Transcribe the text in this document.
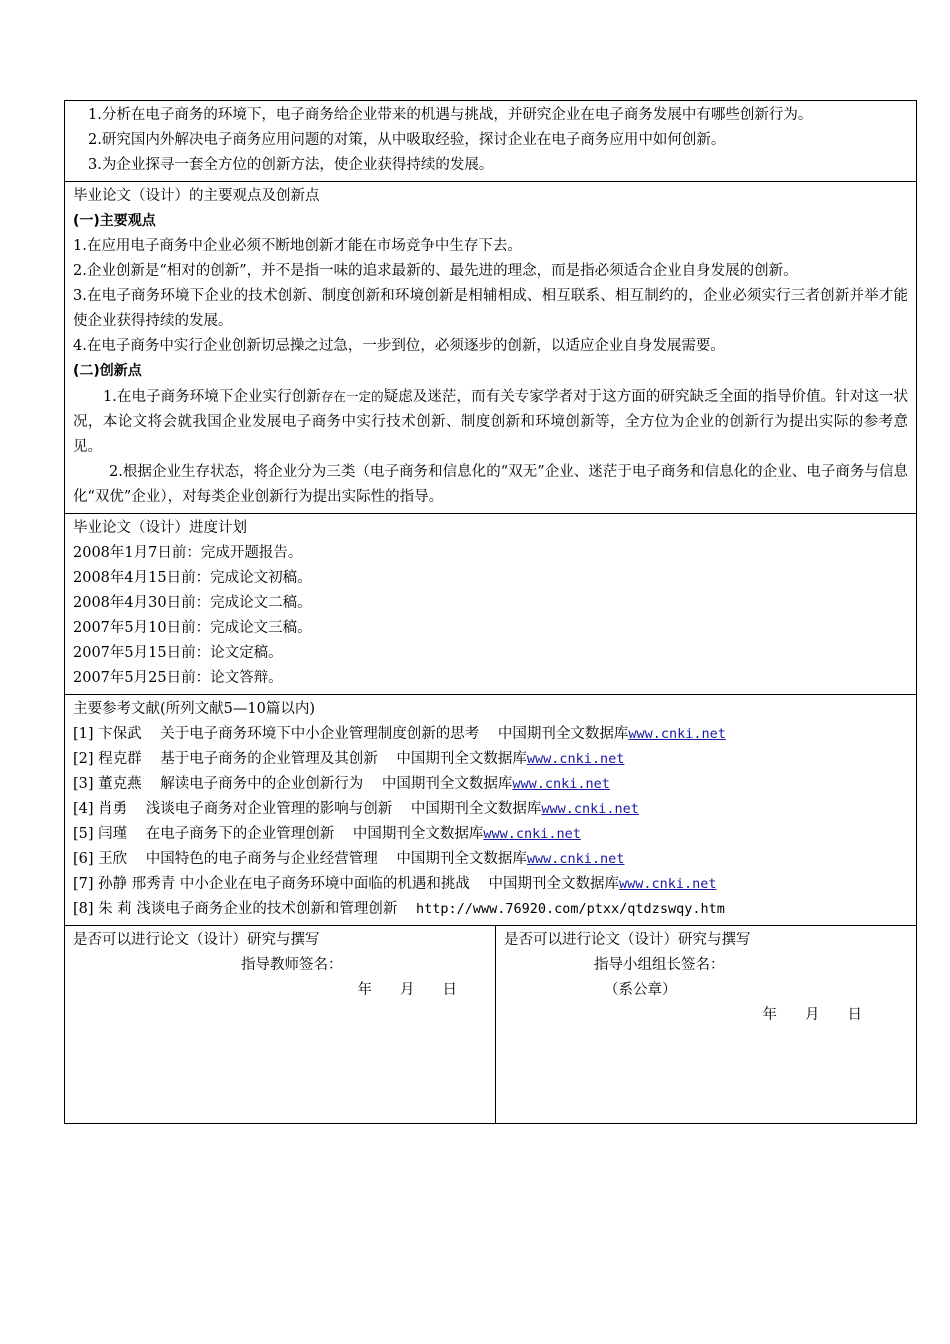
1.分析在电子商务的环境下，电子商务给企业带来的机遇与挑战，并研究企业在电子商务发展中有哪些创新行为。
2.研究国内外解决电子商务应用问题的对策，从中吸取经验，探讨企业在电子商务应用中如何创新。
3.为企业探寻一套全方位的创新方法，使企业获得持续的发展。
毕业论文（设计）的主要观点及创新点
(一)主要观点
1.在应用电子商务中企业必须不断地创新才能在市场竞争中生存下去。
2.企业创新是“相对的创新”，并不是指一味的追求最新的、最先进的理念，而是指必须适合企业自身发展的创新。
3.在电子商务环境下企业的技术创新、制度创新和环境创新是相辅相成、相互联系、相互制约的，企业必须实行三者创新并举才能使企业获得持续的发展。
4.在电子商务中实行企业创新切忌操之过急，一步到位，必须逐步的创新，以适应企业自身发展需要。
(二)创新点
1.在电子商务环境下企业实行创新存在一定的疑虑及迷茫，而有关专家学者对于这方面的研究缺乏全面的指导价值。针对这一状况，本论文将会就我国企业发展电子商务中实行技术创新、制度创新和环境创新等，全方位为企业的创新行为提出实际的参考意见。
2.根据企业生存状态，将企业分为三类（电子商务和信息化的“双无”企业、迷茫于电子商务和信息化的企业、电子商务与信息化“双优”企业），对每类企业创新行为提出实际性的指导。
毕业论文（设计）进度计划
2008年1月7日前：完成开题报告。
2008年4月15日前：完成论文初稿。
2008年4月30日前：完成论文二稿。
2007年5月10日前：完成论文三稿。
2007年5月15日前：论文定稿。
2007年5月25日前：论文答辩。
主要参考文献(所列文献5—10篇以内)
[1] 卞保武 关于电子商务环境下中小企业管理制度创新的思考 中国期刊全文数据库www.cnki.net
[2] 程克群 基于电子商务的企业管理及其创新 中国期刊全文数据库www.cnki.net
[3] 董克燕 解读电子商务中的企业创新行为 中国期刊全文数据库www.cnki.net
[4] 肖勇 浅谈电子商务对企业管理的影响与创新 中国期刊全文数据库www.cnki.net
[5] 闫瑾 在电子商务下的企业管理创新 中国期刊全文数据库www.cnki.net
[6] 王欣 中国特色的电子商务与企业经营管理 中国期刊全文数据库www.cnki.net
[7] 孙静 邢秀青 中小企业在电子商务环境中面临的机遇和挑战 中国期刊全文数据库www.cnki.net
[8] 朱 莉 浅谈电子商务企业的技术创新和管理创新 http://www.76920.com/ptxx/qtdzswqy.htm
是否可以进行论文（设计）研究与撰写
指导教师签名：
年 月 日
是否可以进行论文（设计）研究与撰写
指导小组组长签名：
（系公章）
年 月 日
